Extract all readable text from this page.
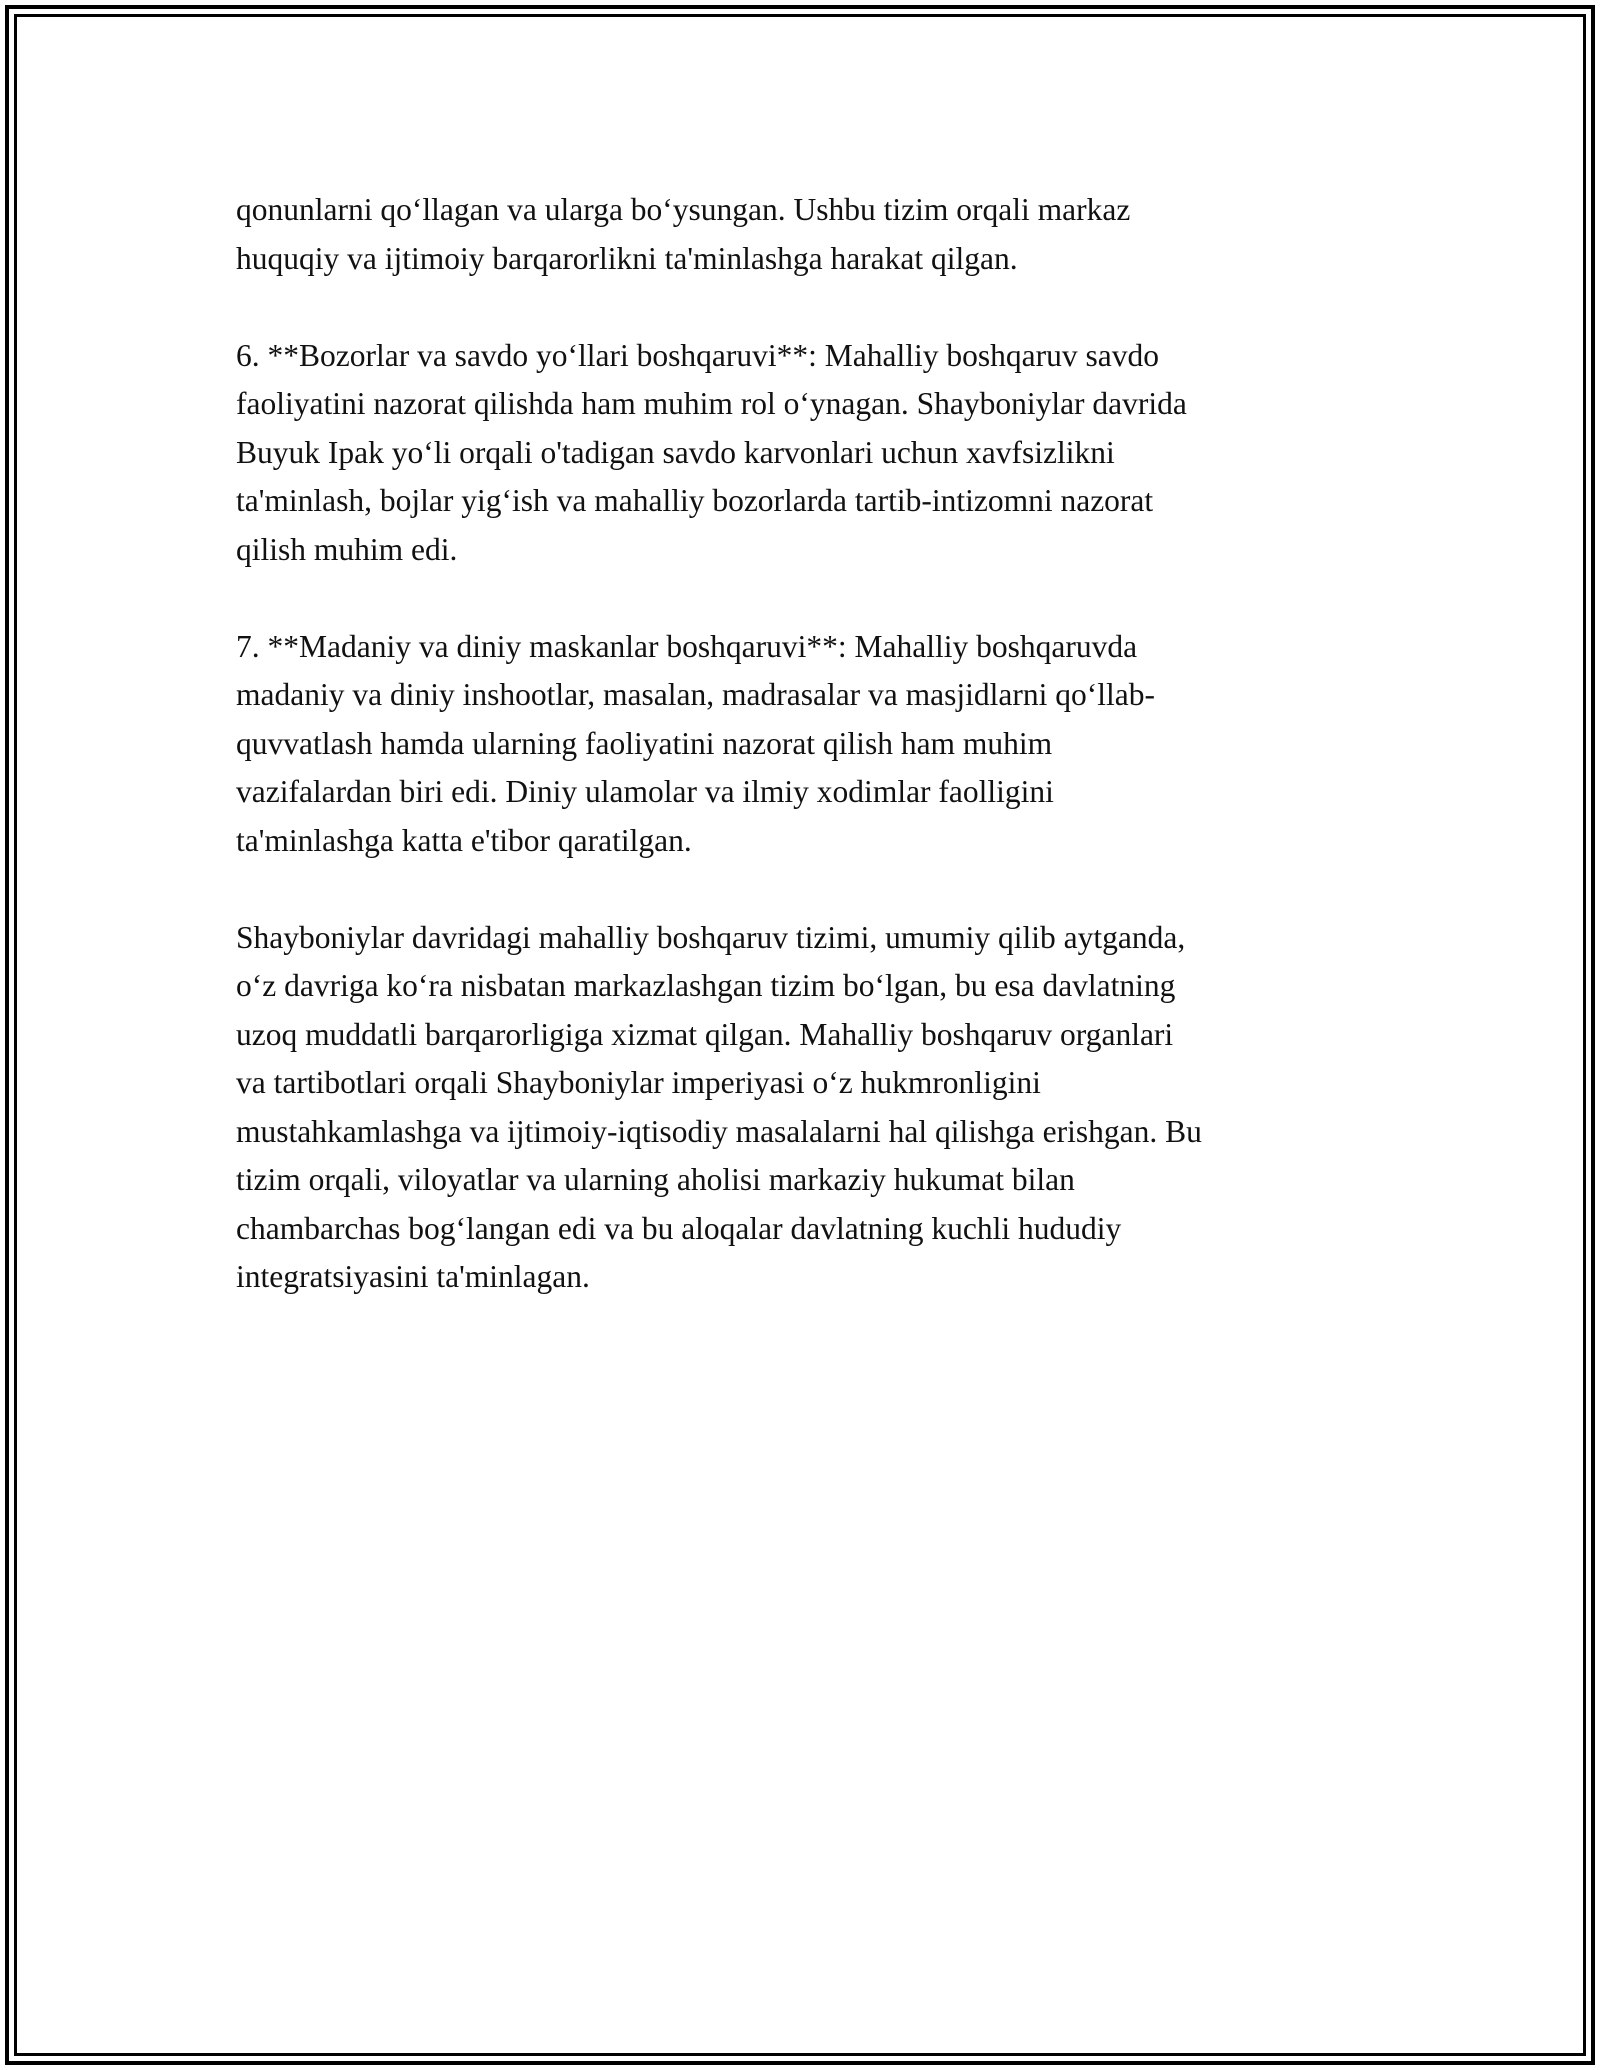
qonunlarni qo‘llagan va ularga bo‘ysungan. Ushbu tizim orqali markaz
huquqiy va ijtimoiy barqarorlikni ta'minlashga harakat qilgan.

6. **Bozorlar va savdo yo‘llari boshqaruvi**: Mahalliy boshqaruv savdo
faoliyatini nazorat qilishda ham muhim rol o‘ynagan. Shayboniylar davrida
Buyuk Ipak yo‘li orqali o'tadigan savdo karvonlari uchun xavfsizlikni
ta'minlash, bojlar yig‘ish va mahalliy bozorlarda tartib-intizomni nazorat
qilish muhim edi.

7. **Madaniy va diniy maskanlar boshqaruvi**: Mahalliy boshqaruvda
madaniy va diniy inshootlar, masalan, madrasalar va masjidlarni qo‘llab-
quvvatlash hamda ularning faoliyatini nazorat qilish ham muhim
vazifalardan biri edi. Diniy ulamolar va ilmiy xodimlar faolligini
ta'minlashga katta e'tibor qaratilgan.

Shayboniylar davridagi mahalliy boshqaruv tizimi, umumiy qilib aytganda,
o‘z davriga ko‘ra nisbatan markazlashgan tizim bo‘lgan, bu esa davlatning
uzoq muddatli barqarorligiga xizmat qilgan. Mahalliy boshqaruv organlari
va tartibotlari orqali Shayboniylar imperiyasi o‘z hukmronligini
mustahkamlashga va ijtimoiy-iqtisodiy masalalarni hal qilishga erishgan. Bu
tizim orqali, viloyatlar va ularning aholisi markaziy hukumat bilan
chambarchas bog‘langan edi va bu aloqalar davlatning kuchli hududiy
integratsiyasini ta'minlagan.
